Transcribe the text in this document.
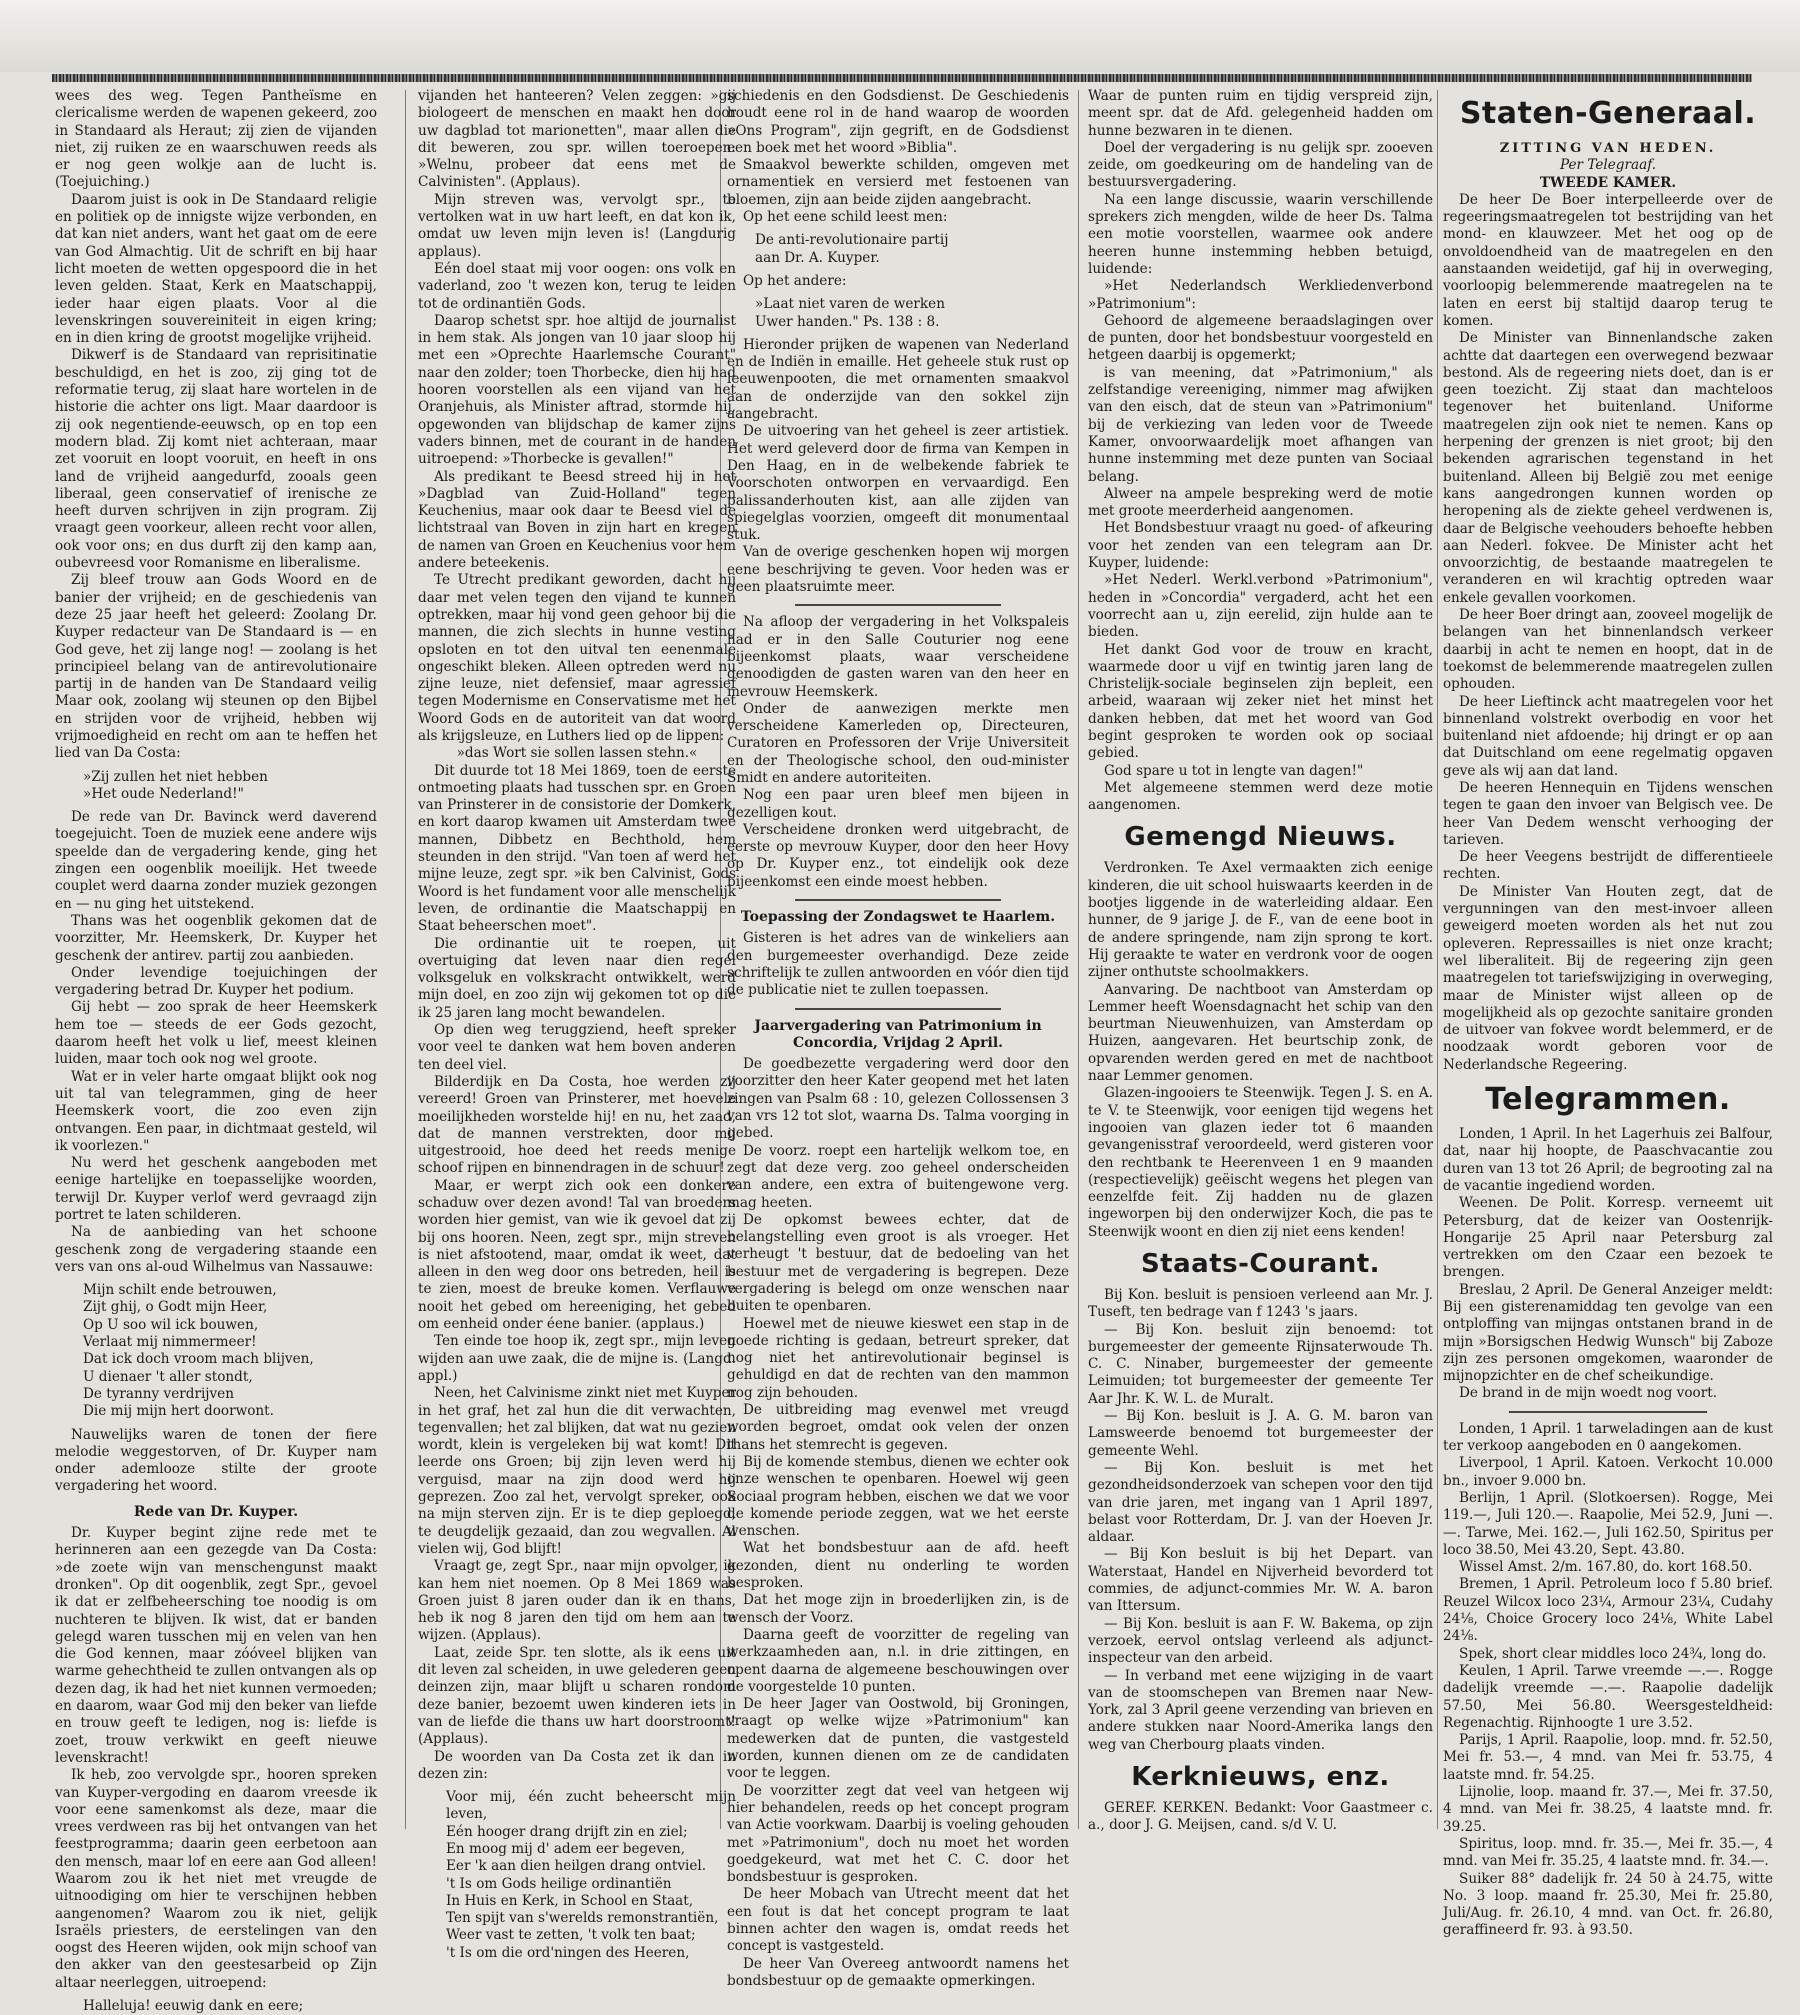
wees des weg. Tegen Pantheïsme en clericalisme werden de wapenen gekeerd, zoo in Standaard als Heraut; zij zien de vijanden niet, zij ruiken ze en waarschuwen reeds als er nog geen wolkje aan de lucht is. (Toejuiching.)

Daarom juist is ook in De Standaard religie en politiek op de innigste wijze verbonden, en dat kan niet anders, want het gaat om de eere van God Almachtig. Uit de schrift en bij haar licht moeten de wetten opgespoord die in het leven gelden. Staat, Kerk en Maatschappij, ieder haar eigen plaats. Voor al die levenskringen souvereiniteit in eigen kring; en in dien kring de grootst mogelijke vrijheid.

Dikwerf is de Standaard van reprisitinatie beschuldigd, en het is zoo, zij ging tot de reformatie terug, zij slaat hare wortelen in de historie die achter ons ligt. Maar daardoor is zij ook negentiende-eeuwsch, op en top een modern blad. Zij komt niet achteraan, maar zet vooruit en loopt vooruit, en heeft in ons land de vrijheid aangedurfd, zooals geen liberaal, geen conservatief of irenische ze heeft durven schrijven in zijn program. Zij vraagt geen voorkeur, alleen recht voor allen, ook voor ons; en dus durft zij den kamp aan, oubevreesd voor Romanisme en liberalisme.

Zij bleef trouw aan Gods Woord en de banier der vrijheid; en de geschiedenis van deze 25 jaar heeft het geleerd: Zoolang Dr. Kuyper redacteur van De Standaard is — en God geve, het zij lange nog! — zoolang is het principieel belang van de antirevolutionaire partij in de handen van De Standaard veilig Maar ook, zoolang wij steunen op den Bijbel en strijden voor de vrijheid, hebben wij vrijmoedigheid en recht om aan te heffen het lied van Da Costa:

»Zij zullen het niet hebben
»Het oude Nederland!"

De rede van Dr. Bavinck werd daverend toegejuicht. Toen de muziek eene andere wijs speelde dan de vergadering kende, ging het zingen een oogenblik moeilijk. Het tweede couplet werd daarna zonder muziek gezongen en — nu ging het uitstekend.

Thans was het oogenblik gekomen dat de voorzitter, Mr. Heemskerk, Dr. Kuyper het geschenk der antirev. partij zou aanbieden.

Onder levendige toejuichingen der vergadering betrad Dr. Kuyper het podium.

Gij hebt — zoo sprak de heer Heemskerk hem toe — steeds de eer Gods gezocht, daarom heeft het volk u lief, meest kleinen luiden, maar toch ook nog wel groote.

Wat er in veler harte omgaat blijkt ook nog uit tal van telegrammen, ging de heer Heemskerk voort, die zoo even zijn ontvangen. Een paar, in dichtmaat gesteld, wil ik voorlezen."

Nu werd het geschenk aangeboden met eenige hartelijke en toepasselijke woorden, terwijl Dr. Kuyper verlof werd gevraagd zijn portret te laten schilderen.

Na de aanbieding van het schoone geschenk zong de vergadering staande een vers van ons al-oud Wilhelmus van Nassauwe:

Mijn schilt ende betrouwen,
Zijt ghij, o Godt mijn Heer,
Op U soo wil ick bouwen,
Verlaat mij nimmermeer!
Dat ick doch vroom mach blijven,
U dienaer 't aller stondt,
De tyranny verdrijven
Die mij mijn hert doorwont.

Nauwelijks waren de tonen der fiere melodie weggestorven, of Dr. Kuyper nam onder ademlooze stilte der groote vergadering het woord.

Rede van Dr. Kuyper.

Dr. Kuyper begint zijne rede met te herinneren aan een gezegde van Da Costa: »de zoete wijn van menschengunst maakt dronken". Op dit oogenblik, zegt Spr., gevoel ik dat er zelfbeheersching toe noodig is om nuchteren te blijven. Ik wist, dat er banden gelegd waren tusschen mij en velen van hen die God kennen, maar zóóveel blijken van warme gehechtheid te zullen ontvangen als op dezen dag, ik had het niet kunnen vermoeden; en daarom, waar God mij den beker van liefde en trouw geeft te ledigen, nog is: liefde is zoet, trouw verkwikt en geeft nieuwe levenskracht!

Ik heb, zoo vervolgde spr., hooren spreken van Kuyper-vergoding en daarom vreesde ik voor eene samenkomst als deze, maar die vrees verdween ras bij het ontvangen van het feestprogramma; daarin geen eerbetoon aan den mensch, maar lof en eere aan God alleen! Waarom zou ik het niet met vreugde de uitnoodiging om hier te verschijnen hebben aangenomen? Waarom zou ik niet, gelijk Israëls priesters, de eerstelingen van den oogst des Heeren wijden, ook mijn schoof van den akker van den geestesarbeid op Zijn altaar neerleggen, uitroepend:

Halleluja! eeuwig dank en eere;

vijanden het hanteeren? Velen zeggen: »gij biologeert de menschen en maakt hen door uw dagblad tot marionetten", maar allen die dit beweren, zou spr. willen toeroepen: »Welnu, probeer dat eens met de Calvinisten". (Applaus).

Mijn streven was, vervolgt spr., te vertolken wat in uw hart leeft, en dat kon ik, omdat uw leven mijn leven is! (Langdurig applaus).

Eén doel staat mij voor oogen: ons volk en vaderland, zoo 't wezen kon, terug te leiden tot de ordinantiën Gods.

Daarop schetst spr. hoe altijd de journalist in hem stak. Als jongen van 10 jaar sloop hij met een »Oprechte Haarlemsche Courant" naar den zolder; toen Thorbecke, dien hij had hooren voorstellen als een vijand van het Oranjehuis, als Minister aftrad, stormde hij, opgewonden van blijdschap de kamer zijns vaders binnen, met de courant in de handen uitroepend: »Thorbecke is gevallen!"

Als predikant te Beesd streed hij in het »Dagblad van Zuid-Holland" tegen Keuchenius, maar ook daar te Beesd viel de lichtstraal van Boven in zijn hart en kregen de namen van Groen en Keuchenius voor hem andere beteekenis.

Te Utrecht predikant geworden, dacht hij daar met velen tegen den vijand te kunnen optrekken, maar hij vond geen gehoor bij die mannen, die zich slechts in hunne vesting opsloten en tot den uitval ten eenenmale ongeschikt bleken. Alleen optreden werd nu zijne leuze, niet defensief, maar agressief tegen Modernisme en Conservatisme met het Woord Gods en de autoriteit van dat woord als krijgsleuze, en Luthers lied op de lippen:

»das Wort sie sollen lassen stehn.«

Dit duurde tot 18 Mei 1869, toen de eerste ontmoeting plaats had tusschen spr. en Groen van Prinsterer in de consistorie der Domkerk, en kort daarop kwamen uit Amsterdam twee mannen, Dibbetz en Bechthold, hem steunden in den strijd. "Van toen af werd het mijne leuze, zegt spr. »ik ben Calvinist, Gods Woord is het fundament voor alle menschelijk leven, de ordinantie die Maatschappij en Staat beheerschen moet".

Die ordinantie uit te roepen, uit overtuiging dat leven naar dien regel volksgeluk en volkskracht ontwikkelt, werd mijn doel, en zoo zijn wij gekomen tot op die ik 25 jaren lang mocht bewandelen.

Op dien weg teruggziend, heeft spreker voor veel te danken wat hem boven anderen ten deel viel.

Bilderdijk en Da Costa, hoe werden zij vereerd! Groen van Prinsterer, met hoevele moeilijkheden worstelde hij! en nu, het zaad, dat de mannen verstrekten, door mij uitgestrooid, hoe deed het reeds menige schoof rijpen en binnendragen in de schuur!

Maar, er werpt zich ook een donkere schaduw over dezen avond! Tal van broeders worden hier gemist, van wie ik gevoel dat zij bij ons hooren. Neen, zegt spr., mijn streven is niet afstootend, maar, omdat ik weet, dat alleen in den weg door ons betreden, heil is te zien, moest de breuke komen. Verflauwe nooit het gebed om hereeniging, het gebed om eenheid onder éene banier. (applaus.)

Ten einde toe hoop ik, zegt spr., mijn leven wijden aan uwe zaak, die de mijne is. (Langd. appl.)

Neen, het Calvinisme zinkt niet met Kuyper in het graf, het zal hun die dit verwachten, tegenvallen; het zal blijken, dat wat nu gezien wordt, klein is vergeleken bij wat komt! Dit leerde ons Groen; bij zijn leven werd hij verguisd, maar na zijn dood werd hij geprezen. Zoo zal het, vervolgt spreker, ook na mijn sterven zijn. Er is te diep geploegd, te deugdelijk gezaaid, dan zou wegvallen. Al vielen wij, God blijft!

Vraagt ge, zegt Spr., naar mijn opvolger, ik kan hem niet noemen. Op 8 Mei 1869 was Groen juist 8 jaren ouder dan ik en thans, heb ik nog 8 jaren den tijd om hem aan te wijzen. (Applaus).

Laat, zeide Spr. ten slotte, als ik eens uit dit leven zal scheiden, in uwe gelederen geen deinzen zijn, maar blijft u scharen rondom deze banier, bezoemt uwen kinderen iets in van de liefde die thans uw hart doorstroomt! (Applaus).

De woorden van Da Costa zet ik dan in dezen zin:

Voor mij, één zucht beheerscht mijn leven,
Eén hooger drang drijft zin en ziel;
En moog mij d' adem eer begeven,
Eer 'k aan dien heilgen drang ontviel.
't Is om Gods heilige ordinantiën
In Huis en Kerk, in School en Staat,
Ten spijt van s'werelds remonstrantiën,
Weer vast te zetten, 't volk ten baat;
't Is om die ord'ningen des Heeren,

schiedenis en den Godsdienst. De Geschiedenis houdt eene rol in de hand waarop de woorden »Ons Program", zijn gegrift, en de Godsdienst een boek met het woord »Biblia".

Smaakvol bewerkte schilden, omgeven met ornamentiek en versierd met festoenen van bloemen, zijn aan beide zijden aangebracht.

Op het eene schild leest men:

De anti-revolutionaire partij
aan Dr. A. Kuyper.

Op het andere:

»Laat niet varen de werken
Uwer handen." Ps. 138 : 8.

Hieronder prijken de wapenen van Nederland en de Indiën in emaille. Het geheele stuk rust op leeuwenpooten, die met ornamenten smaakvol aan de onderzijde van den sokkel zijn aangebracht.

De uitvoering van het geheel is zeer artistiek. Het werd geleverd door de firma van Kempen in Den Haag, en in de welbekende fabriek te Voorschoten ontworpen en vervaardigd. Een palissanderhouten kist, aan alle zijden van spiegelglas voorzien, omgeeft dit monumentaal stuk.

Van de overige geschenken hopen wij morgen eene beschrijving te geven. Voor heden was er geen plaatsruimte meer.

Na afloop der vergadering in het Volkspaleis had er in den Salle Couturier nog eene bijeenkomst plaats, waar verscheidene genoodigden de gasten waren van den heer en mevrouw Heemskerk.

Onder de aanwezigen merkte men verscheidene Kamerleden op, Directeuren, Curatoren en Professoren der Vrije Universiteit en der Theologische school, den oud-minister Smidt en andere autoriteiten.

Nog een paar uren bleef men bijeen in gezelligen kout.

Verscheidene dronken werd uitgebracht, de eerste op mevrouw Kuyper, door den heer Hovy op Dr. Kuyper enz., tot eindelijk ook deze bijeenkomst een einde moest hebben.

Toepassing der Zondagswet te Haarlem.

Gisteren is het adres van de winkeliers aan den burgemeester overhandigd. Deze zeide schriftelijk te zullen antwoorden en vóór dien tijd de publicatie niet te zullen toepassen.

Jaarvergadering van Patrimonium in Concordia, Vrijdag 2 April.

De goedbezette vergadering werd door den voorzitter den heer Kater geopend met het laten zingen van Psalm 68 : 10, gelezen Collossensen 3 van vrs 12 tot slot, waarna Ds. Talma voorging in gebed.

De voorz. roept een hartelijk welkom toe, en zegt dat deze verg. zoo geheel onderscheiden van andere, een extra of buitengewone verg. mag heeten.

De opkomst bewees echter, dat de belangstelling even groot is als vroeger. Het verheugt 't bestuur, dat de bedoeling van het bestuur met de vergadering is begrepen. Deze vergadering is belegd om onze wenschen naar buiten te openbaren.

Hoewel met de nieuwe kieswet een stap in de goede richting is gedaan, betreurt spreker, dat nog niet het antirevolutionair beginsel is gehuldigd en dat de rechten van den mammon nog zijn behouden.

De uitbreiding mag evenwel met vreugd worden begroet, omdat ook velen der onzen thans het stemrecht is gegeven.

Bij de komende stembus, dienen we echter ook onze wenschen te openbaren. Hoewel wij geen Sociaal program hebben, eischen we dat we voor de komende periode zeggen, wat we het eerste wenschen.

Wat het bondsbestuur aan de afd. heeft gezonden, dient nu onderling te worden besproken.

Dat het moge zijn in broederlijken zin, is de wensch der Voorz.

Daarna geeft de voorzitter de regeling van werkzaamheden aan, n.l. in drie zittingen, en opent daarna de algemeene beschouwingen over de voorgestelde 10 punten.

De heer Jager van Oostwold, bij Groningen, vraagt op welke wijze »Patrimonium" kan medewerken dat de punten, die vastgesteld worden, kunnen dienen om ze de candidaten voor te leggen.

De voorzitter zegt dat veel van hetgeen wij hier behandelen, reeds op het concept program van Actie voorkwam. Daarbij is voeling gehouden met »Patrimonium", doch nu moet het worden goedgekeurd, wat met het C. C. door het bondsbestuur is gesproken.

De heer Mobach van Utrecht meent dat het een fout is dat het concept program te laat binnen achter den wagen is, omdat reeds het concept is vastgesteld.

De heer Van Overeeg antwoordt namens het bondsbestuur op de gemaakte opmerkingen.

Waar de punten ruim en tijdig verspreid zijn, meent spr. dat de Afd. gelegenheid hadden om hunne bezwaren in te dienen.

Doel der vergadering is nu gelijk spr. zooeven zeide, om goedkeuring om de handeling van de bestuursvergadering.

Na een lange discussie, waarin verschillende sprekers zich mengden, wilde de heer Ds. Talma een motie voorstellen, waarmee ook andere heeren hunne instemming hebben betuigd, luidende:

»Het Nederlandsch Werkliedenverbond »Patrimonium":

Gehoord de algemeene beraadslagingen over de punten, door het bondsbestuur voorgesteld en hetgeen daarbij is opgemerkt;

is van meening, dat »Patrimonium," als zelfstandige vereeniging, nimmer mag afwijken van den eisch, dat de steun van »Patrimonium" bij de verkiezing van leden voor de Tweede Kamer, onvoorwaardelijk moet afhangen van hunne instemming met deze punten van Sociaal belang.

Alweer na ampele bespreking werd de motie met groote meerderheid aangenomen.

Het Bondsbestuur vraagt nu goed- of afkeuring voor het zenden van een telegram aan Dr. Kuyper, luidende:

»Het Nederl. Werkl.verbond »Patrimonium", heden in »Concordia" vergaderd, acht het een voorrecht aan u, zijn eerelid, zijn hulde aan te bieden.

Het dankt God voor de trouw en kracht, waarmede door u vijf en twintig jaren lang de Christelijk-sociale beginselen zijn bepleit, een arbeid, waaraan wij zeker niet het minst het danken hebben, dat met het woord van God begint gesproken te worden ook op sociaal gebied.

God spare u tot in lengte van dagen!"

Met algemeene stemmen werd deze motie aangenomen.

Gemengd Nieuws.

Verdronken. Te Axel vermaakten zich eenige kinderen, die uit school huiswaarts keerden in de bootjes liggende in de waterleiding aldaar. Een hunner, de 9 jarige J. de F., van de eene boot in de andere springende, nam zijn sprong te kort. Hij geraakte te water en verdronk voor de oogen zijner onthutste schoolmakkers.

Aanvaring. De nachtboot van Amsterdam op Lemmer heeft Woensdagnacht het schip van den beurtman Nieuwenhuizen, van Amsterdam op Huizen, aangevaren. Het beurtschip zonk, de opvarenden werden gered en met de nachtboot naar Lemmer genomen.

Glazen-ingooiers te Steenwijk. Tegen J. S. en A. te V. te Steenwijk, voor eenigen tijd wegens het ingooien van glazen ieder tot 6 maanden gevangenisstraf veroordeeld, werd gisteren voor den rechtbank te Heerenveen 1 en 9 maanden (respectievelijk) geëischt wegens het plegen van eenzelfde feit. Zij hadden nu de glazen ingeworpen bij den onderwijzer Koch, die pas te Steenwijk woont en dien zij niet eens kenden!

Staats-Courant.

Bij Kon. besluit is pensioen verleend aan Mr. J. Tuseft, ten bedrage van f 1243 's jaars.

— Bij Kon. besluit zijn benoemd: tot burgemeester der gemeente Rijnsaterwoude Th. C. C. Ninaber, burgemeester der gemeente Leimuiden; tot burgemeester der gemeente Ter Aar Jhr. K. W. L. de Muralt.

— Bij Kon. besluit is J. A. G. M. baron van Lamsweerde benoemd tot burgemeester der gemeente Wehl.

— Bij Kon. besluit is met het gezondheidsonderzoek van schepen voor den tijd van drie jaren, met ingang van 1 April 1897, belast voor Rotterdam, Dr. J. van der Hoeven Jr. aldaar.

— Bij Kon besluit is bij het Depart. van Waterstaat, Handel en Nijverheid bevorderd tot commies, de adjunct-commies Mr. W. A. baron van Ittersum.

— Bij Kon. besluit is aan F. W. Bakema, op zijn verzoek, eervol ontslag verleend als adjunct-inspecteur van den arbeid.

— In verband met eene wijziging in de vaart van de stoomschepen van Bremen naar New-York, zal 3 April geene verzending van brieven en andere stukken naar Noord-Amerika langs den weg van Cherbourg plaats vinden.

Kerknieuws, enz.

GEREF. KERKEN. Bedankt: Voor Gaastmeer c. a., door J. G. Meijsen, cand. s/d V. U.

Staten-Generaal.
ZITTING VAN HEDEN.
Per Telegraaf.
TWEEDE KAMER.

De heer De Boer interpelleerde over de regeeringsmaatregelen tot bestrijding van het mond- en klauwzeer. Met het oog op de onvoldoendheid van de maatregelen en den aanstaanden weidetijd, gaf hij in overweging, voorloopig belemmerende maatregelen na te laten en eerst bij staltijd daarop terug te komen.

De Minister van Binnenlandsche zaken achtte dat daartegen een overwegend bezwaar bestond. Als de regeering niets doet, dan is er geen toezicht. Zij staat dan machteloos tegenover het buitenland. Uniforme maatregelen zijn ook niet te nemen. Kans op herpening der grenzen is niet groot; bij den bekenden agrarischen tegenstand in het buitenland. Alleen bij België zou met eenige kans aangedrongen kunnen worden op heropening als de ziekte geheel verdwenen is, daar de Belgische veehouders behoefte hebben aan Nederl. fokvee. De Minister acht het onvoorzichtig, de bestaande maatregelen te veranderen en wil krachtig optreden waar enkele gevallen voorkomen.

De heer Boer dringt aan, zooveel mogelijk de belangen van het binnenlandsch verkeer daarbij in acht te nemen en hoopt, dat in de toekomst de belemmerende maatregelen zullen ophouden.

De heer Lieftinck acht maatregelen voor het binnenland volstrekt overbodig en voor het buitenland niet afdoende; hij dringt er op aan dat Duitschland om eene regelmatig opgaven geve als wij aan dat land.

De heeren Hennequin en Tijdens wenschen tegen te gaan den invoer van Belgisch vee. De heer Van Dedem wenscht verhooging der tarieven.

De heer Veegens bestrijdt de differentieele rechten.

De Minister Van Houten zegt, dat de vergunningen van den mest-invoer alleen geweigerd moeten worden als het nut zou opleveren. Repressailles is niet onze kracht; wel liberaliteit. Bij de regeering zijn geen maatregelen tot tariefswijziging in overweging, maar de Minister wijst alleen op de mogelijkheid als op gezochte sanitaire gronden de uitvoer van fokvee wordt belemmerd, er de noodzaak wordt geboren voor de Nederlandsche Regeering.

Telegrammen.

Londen, 1 April. In het Lagerhuis zei Balfour, dat, naar hij hoopte, de Paaschvacantie zou duren van 13 tot 26 April; de begrooting zal na de vacantie ingediend worden.

Weenen. De Polit. Korresp. verneemt uit Petersburg, dat de keizer van Oostenrijk-Hongarije 25 April naar Petersburg zal vertrekken om den Czaar een bezoek te brengen.

Breslau, 2 April. De General Anzeiger meldt: Bij een gisterenamiddag ten gevolge van een ontploffing van mijngas ontstanen brand in de mijn »Borsigschen Hedwig Wunsch" bij Zaboze zijn zes personen omgekomen, waaronder de mijnopzichter en de chef scheikundige.

De brand in de mijn woedt nog voort.

Londen, 1 April. 1 tarweladingen aan de kust ter verkoop aangeboden en 0 aangekomen.

Liverpool, 1 April. Katoen. Verkocht 10.000 bn., invoer 9.000 bn.

Berlijn, 1 April. (Slotkoersen). Rogge, Mei 119.—, Juli 120.—. Raapolie, Mei 52.9, Juni —.—. Tarwe, Mei. 162.—, Juli 162.50, Spiritus per loco 38.50, Mei 43.20, Sept. 43.80.

Wissel Amst. 2/m. 167.80, do. kort 168.50.

Bremen, 1 April. Petroleum loco f 5.80 brief. Reuzel Wilcox loco 23¼, Armour 23¼, Cudahy 24⅛, Choice Grocery loco 24⅛, White Label 24⅛.

Spek, short clear middles loco 24¾, long do.

Keulen, 1 April. Tarwe vreemde —.—. Rogge dadelijk vreemde —.—. Raapolie dadelijk 57.50, Mei 56.80. Weersgesteldheid: Regenachtig. Rijnhoogte 1 ure 3.52.

Parijs, 1 April. Raapolie, loop. mnd. fr. 52.50, Mei fr. 53.—, 4 mnd. van Mei fr. 53.75, 4 laatste mnd. fr. 54.25.

Lijnolie, loop. maand fr. 37.—, Mei fr. 37.50, 4 mnd. van Mei fr. 38.25, 4 laatste mnd. fr. 39.25.

Spiritus, loop. mnd. fr. 35.—, Mei fr. 35.—, 4 mnd. van Mei fr. 35.25, 4 laatste mnd. fr. 34.—.

Suiker 88° dadelijk fr. 24 50 à 24.75, witte No. 3 loop. maand fr. 25.30, Mei fr. 25.80, Juli/Aug. fr. 26.10, 4 mnd. van Oct. fr. 26.80, geraffineerd fr. 93. à 93.50.
